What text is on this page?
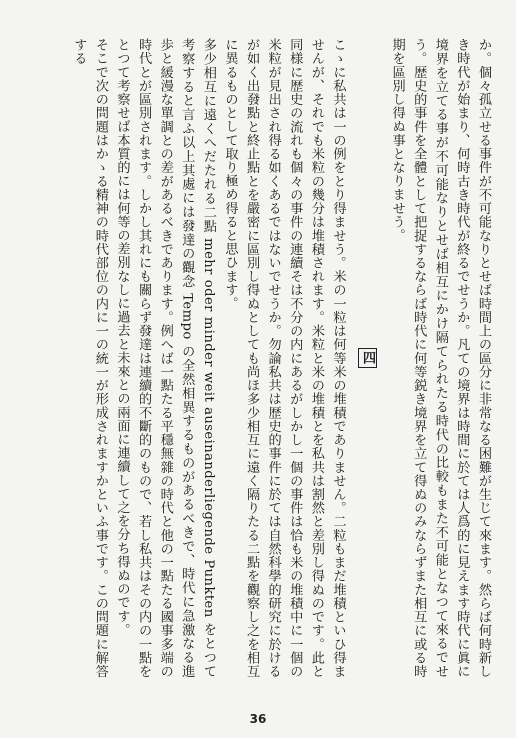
か。個々孤立せる事件が不可能なりとせば時間上の區分に非常なる困難が生じて來ます。然らば何時新しき時代が始まり、何時古き時代が終るでせうか。凡ての境界は時間に於ては人爲的に見えます時代に眞に境界を立てる事が不可能なりとせば相互にかけ隔てられたる時代の比較もまた不可能となつて來るでせう。歴史的事件を全體として把捉するならば時代に何等鋭き境界を立て得ぬのみならずまた相互に或る時期を區別し得ぬ事となりませう。

四

こゝに私共は一の例をとり得ませう。米の一粒は何等米の堆積でありません。二粒もまだ堆積といひ得ませんが、それでも米粒の幾分は堆積されます。米粒と米の堆積とを私共は割然と差別し得ぬのです。此と同様に歴史の流れも個々の事件の連續そは不分の内にあるがしかし一個の事件は恰も米の堆積中に一個の米粒が見出され得る如くあるではないでせうか。勿論私共は歴史的事件に於ては自然科學的研究に於けるが如く出發點と終止點とを嚴密に區別し得ぬとしても尚ほ多少相互に遠く隔りたる二點を觀察し之を相互に異るものとして取り極め得ると思ひます。

多少相互に遠くへだたれる二點 mehr oder minder weit auseinanderliegende Punkten をとつて考察すると言ふ以上其處には發達の觀念 Tempo の全然相異するものがあるべきで、時代に急激なる進歩と緩漫な單調との差があるべきであります。例へば一點たる平穩無雜の時代と他の一點たる國事多端の時代とが區別されます。しかし其れにも關らず發達は連續的不斷的のもので、若し私共はその内の一點をとつて考察せば本質的には何等の差別なしに過去と未來との兩面に連續して之を分ち得ぬのです。

そこで次の問題はかゝる精神の時代部位の内に一の統一が形成されますかといふ事です。この問題に解答する

36
